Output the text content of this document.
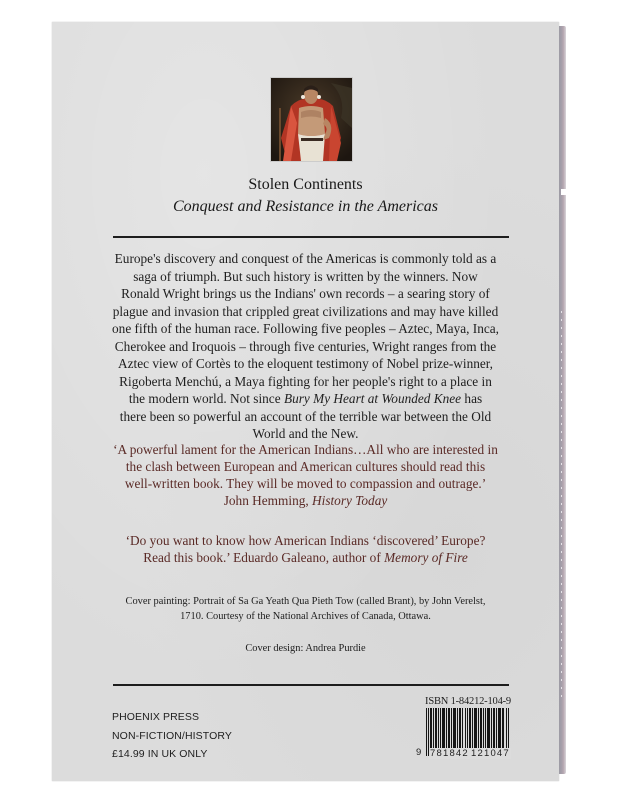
Stolen Continents
Conquest and Resistance in the Americas
Europe's discovery and conquest of the Americas is commonly told as a
saga of triumph. But such history is written by the winners. Now
Ronald Wright brings us the Indians' own records – a searing story of
plague and invasion that crippled great civilizations and may have killed
one fifth of the human race. Following five peoples – Aztec, Maya, Inca,
Cherokee and Iroquois – through five centuries, Wright ranges from the
Aztec view of Cortès to the eloquent testimony of Nobel prize-winner,
Rigoberta Menchú, a Maya fighting for her people's right to a place in
the modern world. Not since Bury My Heart at Wounded Knee has
there been so powerful an account of the terrible war between the Old
World and the New.
‘A powerful lament for the American Indians…All who are interested in
the clash between European and American cultures should read this
well-written book. They will be moved to compassion and outrage.’
John Hemming, History Today
‘Do you want to know how American Indians ‘discovered’ Europe?
Read this book.’ Eduardo Galeano, author of Memory of Fire
Cover painting: Portrait of Sa Ga Yeath Qua Pieth Tow (called Brant), by John Verelst,
1710. Courtesy of the National Archives of Canada, Ottawa.
Cover design: Andrea Purdie
PHOENIX PRESS
NON-FICTION/HISTORY
£14.99 IN UK ONLY
ISBN 1-84212-104-9
9 781842 121047
